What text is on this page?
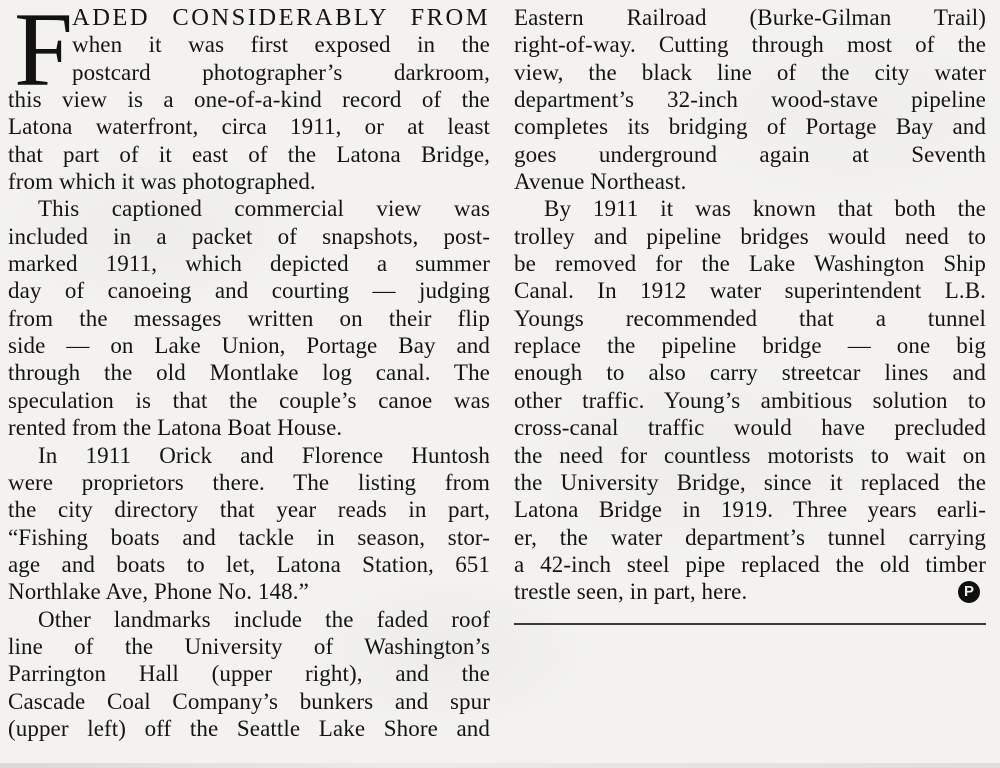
F ADED CONSIDERABLY FROM
when it was first exposed in the
postcard photographer’s darkroom,
this view is a one-of-a-kind record of the
Latona waterfront, circa 1911, or at least
that part of it east of the Latona Bridge,
from which it was photographed.
This captioned commercial view was
included in a packet of snapshots, post-
marked 1911, which depicted a summer
day of canoeing and courting — judging
from the messages written on their flip
side — on Lake Union, Portage Bay and
through the old Montlake log canal. The
speculation is that the couple’s canoe was
rented from the Latona Boat House.
In 1911 Orick and Florence Huntosh
were proprietors there. The listing from
the city directory that year reads in part,
“Fishing boats and tackle in season, stor-
age and boats to let, Latona Station, 651
Northlake Ave, Phone No. 148.”
Other landmarks include the faded roof
line of the University of Washington’s
Parrington Hall (upper right), and the
Cascade Coal Company’s bunkers and spur
(upper left) off the Seattle Lake Shore and
Eastern Railroad (Burke-Gilman Trail)
right-of-way. Cutting through most of the
view, the black line of the city water
department’s 32-inch wood-stave pipeline
completes its bridging of Portage Bay and
goes underground again at Seventh
Avenue Northeast.
By 1911 it was known that both the
trolley and pipeline bridges would need to
be removed for the Lake Washington Ship
Canal. In 1912 water superintendent L.B.
Youngs recommended that a tunnel
replace the pipeline bridge — one big
enough to also carry streetcar lines and
other traffic. Young’s ambitious solution to
cross-canal traffic would have precluded
the need for countless motorists to wait on
the University Bridge, since it replaced the
Latona Bridge in 1919. Three years earli-
er, the water department’s tunnel carrying
a 42-inch steel pipe replaced the old timber
trestle seen, in part, here.	P
